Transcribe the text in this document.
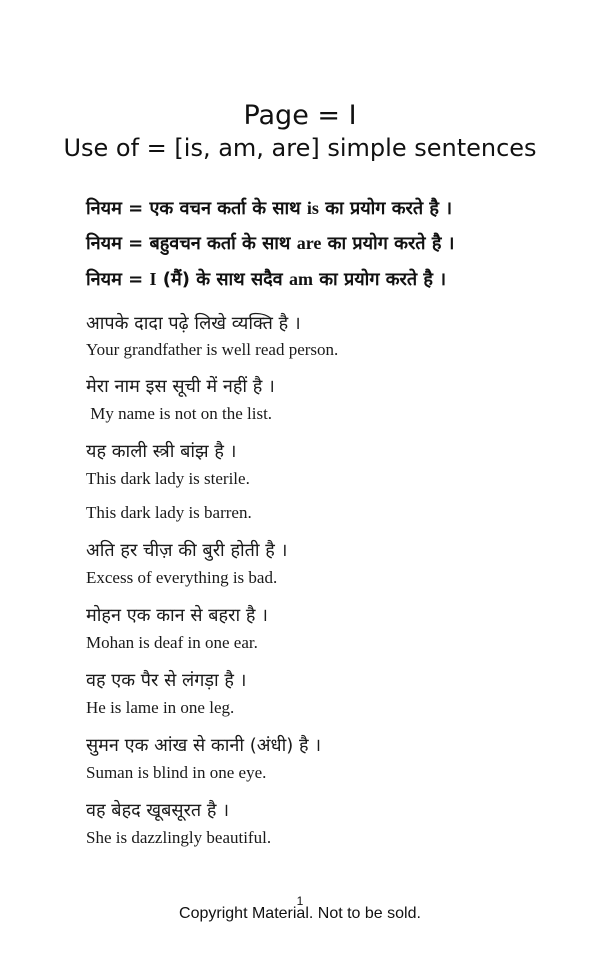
Page = I
Use of = [is, am, are] simple sentences
नियम = एक वचन कर्ता के साथ is का प्रयोग करते है ।
नियम = बहुवचन कर्ता के साथ are का प्रयोग करते है ।
नियम = I (मैं) के साथ सदैव am का प्रयोग करते है ।
आपके दादा पढ़े लिखे व्यक्ति है ।
Your grandfather is well read person.
मेरा नाम इस सूची में नहीं है ।
My name is not on the list.
यह काली स्त्री बांझ है ।
This dark lady is sterile.
This dark lady is barren.
अति हर चीज़ की बुरी होती है ।
Excess of everything is bad.
मोहन एक कान से बहरा है ।
Mohan is deaf in one ear.
वह एक पैर से लंगड़ा है ।
He is lame in one leg.
सुमन एक आंख से कानी (अंधी) है ।
Suman is blind in one eye.
वह बेहद खूबसूरत है ।
She is dazzlingly beautiful.
1
Copyright Material. Not to be sold.
